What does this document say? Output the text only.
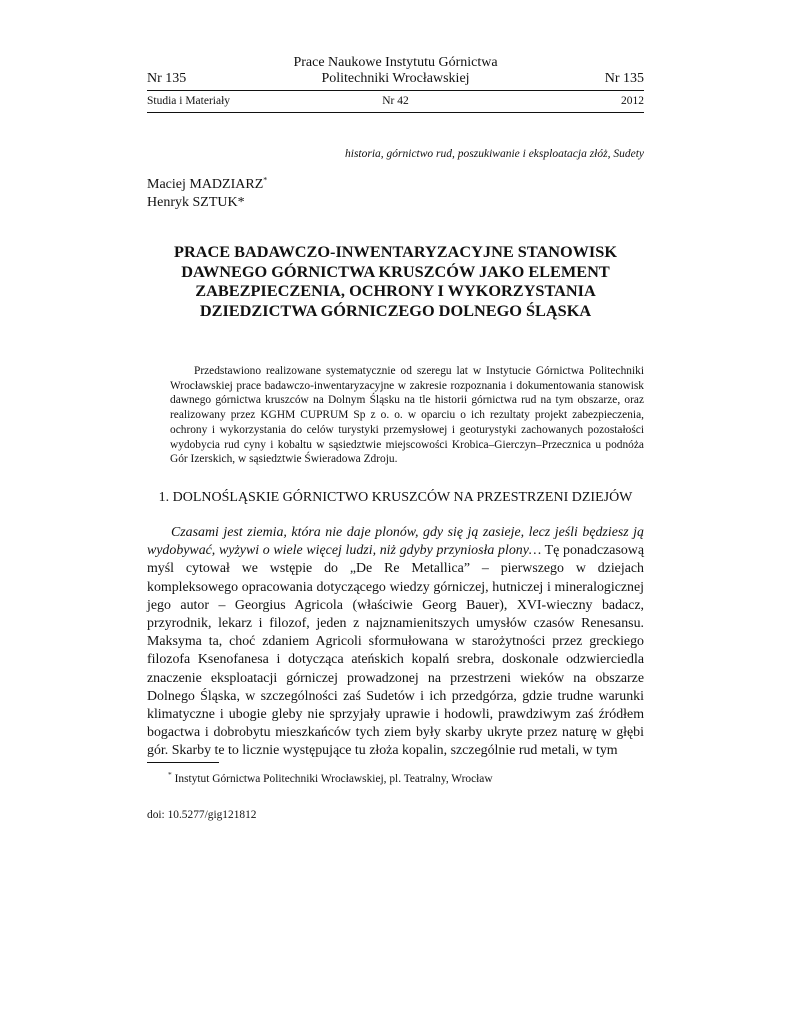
Prace Naukowe Instytutu Górnictwa
Nr 135	Politechniki Wrocławskiej	Nr 135
Studia i Materiały	Nr 42	2012
historia, górnictwo rud, poszukiwanie i eksploatacja złóż, Sudety
Maciej MADZIARZ*
Henryk SZTUK*
PRACE BADAWCZO-INWENTARYZACYJNE STANOWISK
DAWNEGO GÓRNICTWA KRUSZCÓW JAKO ELEMENT
ZABEZPIECZENIA, OCHRONY I WYKORZYSTANIA
DZIEDZICTWA GÓRNICZEGO DOLNEGO ŚLĄSKA

Przedstawiono realizowane systematycznie od szeregu lat w Instytucie Górnictwa Politechniki Wrocławskiej prace badawczo-inwentaryzacyjne w zakresie rozpoznania i dokumentowania stanowisk dawnego górnictwa kruszców na Dolnym Śląsku na tle historii górnictwa rud na tym obszarze, oraz realizowany przez KGHM CUPRUM Sp z o. o. w oparciu o ich rezultaty projekt zabezpieczenia, ochrony i wykorzystania do celów turystyki przemysłowej i geoturystyki zachowanych pozostałości wydobycia rud cyny i kobaltu w sąsiedztwie miejscowości Krobica–Gierczyn–Przecznica u podnóża Gór Izerskich, w sąsiedztwie Świeradowa Zdroju.

1. DOLNOŚLĄSKIE GÓRNICTWO KRUSZCÓW NA PRZESTRZENI DZIEJÓW

Czasami jest ziemia, która nie daje plonów, gdy się ją zasieje, lecz jeśli będziesz ją wydobywać, wyżywi o wiele więcej ludzi, niż gdyby przyniosła plony… Tę ponadczasową myśl cytował we wstępie do „De Re Metallica” – pierwszego w dziejach kompleksowego opracowania dotyczącego wiedzy górniczej, hutniczej i mineralogicznej jego autor – Georgius Agricola (właściwie Georg Bauer), XVI-wieczny badacz, przyrodnik, lekarz i filozof, jeden z najznamienitszych umysłów czasów Renesansu. Maksyma ta, choć zdaniem Agricoli sformułowana w starożytności przez greckiego filozofa Ksenofanesa i dotycząca ateńskich kopalń srebra, doskonale odzwierciedla znaczenie eksploatacji górniczej prowadzonej na przestrzeni wieków na obszarze Dolnego Śląska, w szczególności zaś Sudetów i ich przedgórza, gdzie trudne warunki klimatyczne i ubogie gleby nie sprzyjały uprawie i hodowli, prawdziwym zaś źródłem bogactwa i dobrobytu mieszkańców tych ziem były skarby ukryte przez naturę w głębi gór. Skarby te to licznie występujące tu złoża kopalin, szczególnie rud metali, w tym

* Instytut Górnictwa Politechniki Wrocławskiej, pl. Teatralny, Wrocław
doi: 10.5277/gig121812
